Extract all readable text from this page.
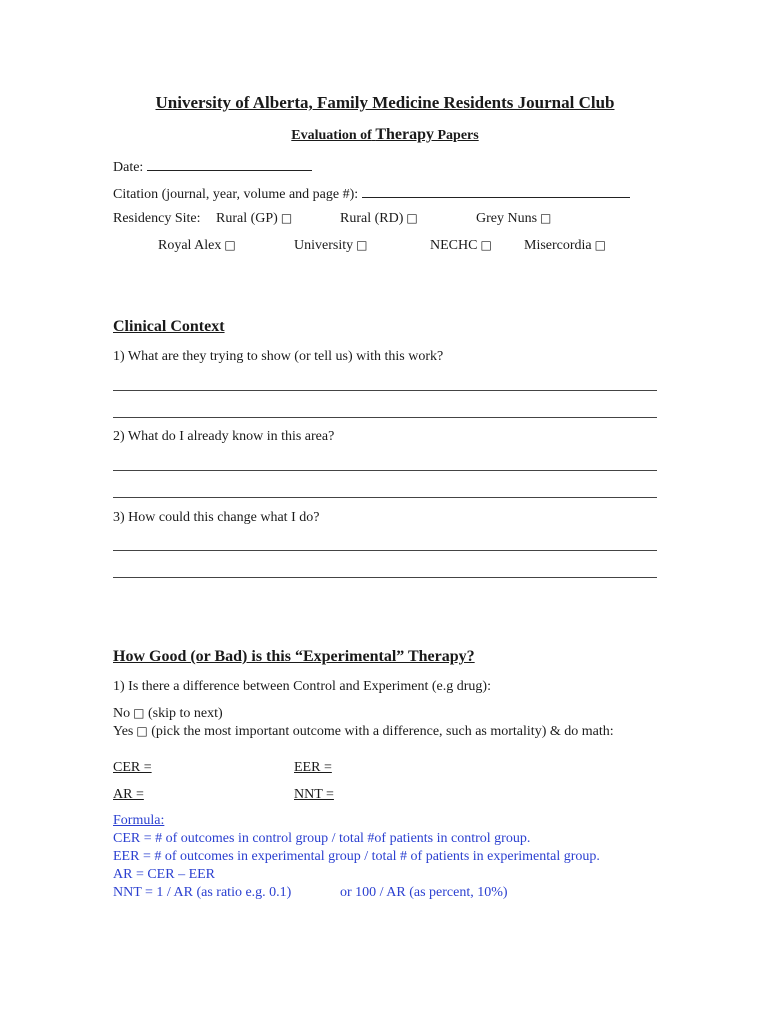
University of Alberta, Family Medicine Residents Journal Club
Evaluation of Therapy Papers
Date:
Citation (journal, year, volume and page #):
Residency Site: Rural (GP) □	Rural (RD) □	Grey Nuns □
Royal Alex □	University □	NECHC □ Misercordia □
Clinical Context
1) What are they trying to show (or tell us) with this work?
2) What do I already know in this area?
3) How could this change what I do?
How Good (or Bad) is this “Experimental” Therapy?
1) Is there a difference between Control and Experiment (e.g drug):
No □ (skip to next)
Yes □ (pick the most important outcome with a difference, such as mortality) & do math:
CER =	EER =
AR =	NNT =
Formula:
CER = # of outcomes in control group / total #of patients in control group.
EER = # of outcomes in experimental group / total # of patients in experimental group.
AR = CER – EER
NNT = 1 / AR (as ratio e.g. 0.1)	or 100 / AR (as percent, 10%)
